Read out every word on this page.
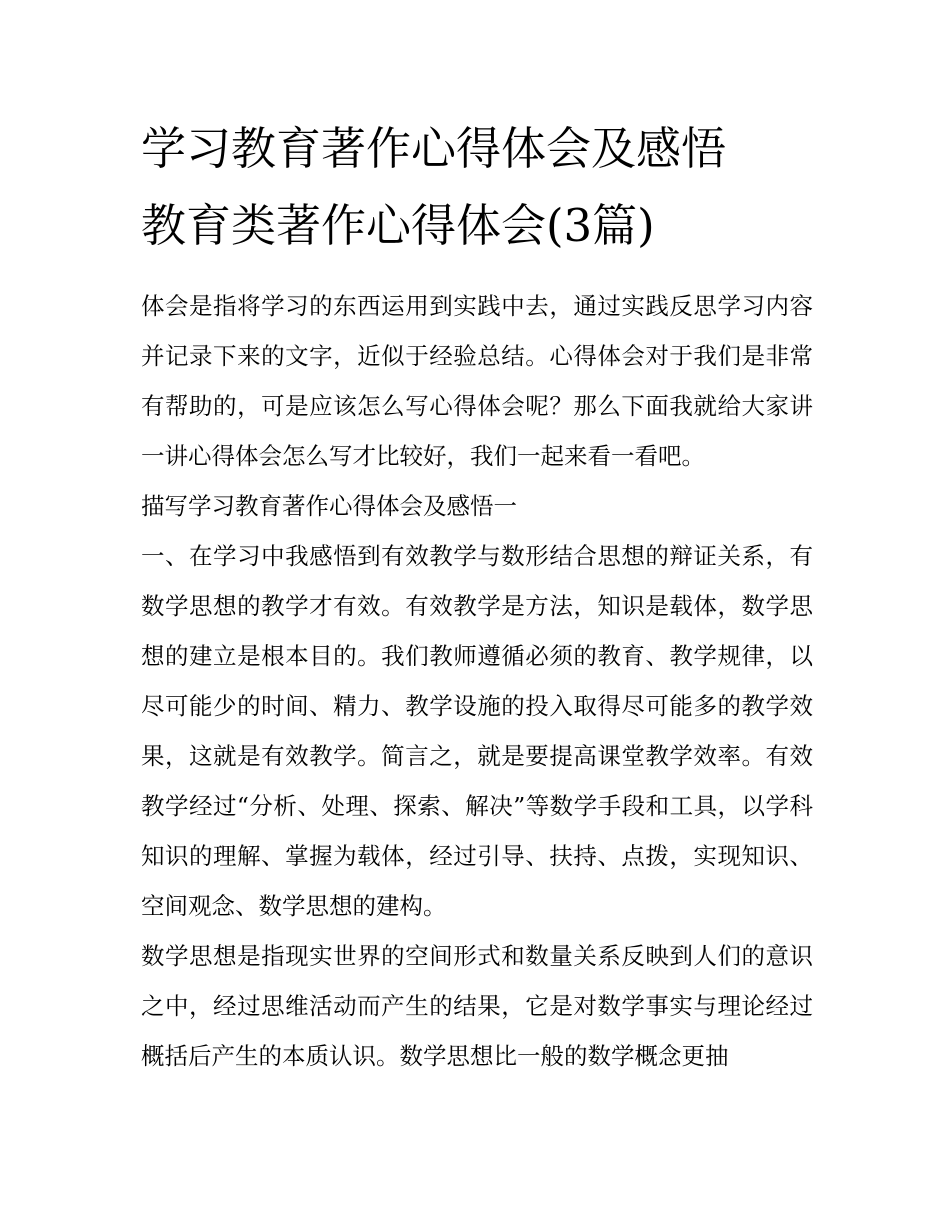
学习教育著作心得体会及感悟
教育类著作心得体会(3篇)

体会是指将学习的东西运用到实践中去，通过实践反思学习内容并记录下来的文字，近似于经验总结。心得体会对于我们是非常有帮助的，可是应该怎么写心得体会呢？那么下面我就给大家讲一讲心得体会怎么写才比较好，我们一起来看一看吧。

描写学习教育著作心得体会及感悟一

一、在学习中我感悟到有效教学与数形结合思想的辩证关系，有数学思想的教学才有效。有效教学是方法，知识是载体，数学思想的建立是根本目的。我们教师遵循必须的教育、教学规律，以尽可能少的时间、精力、教学设施的投入取得尽可能多的教学效果，这就是有效教学。简言之，就是要提高课堂教学效率。有效教学经过“分析、处理、探索、解决”等数学手段和工具，以学科知识的理解、掌握为载体，经过引导、扶持、点拨，实现知识、空间观念、数学思想的建构。

数学思想是指现实世界的空间形式和数量关系反映到人们的意识之中，经过思维活动而产生的结果，它是对数学事实与理论经过概括后产生的本质认识。数学思想比一般的数学概念更抽
